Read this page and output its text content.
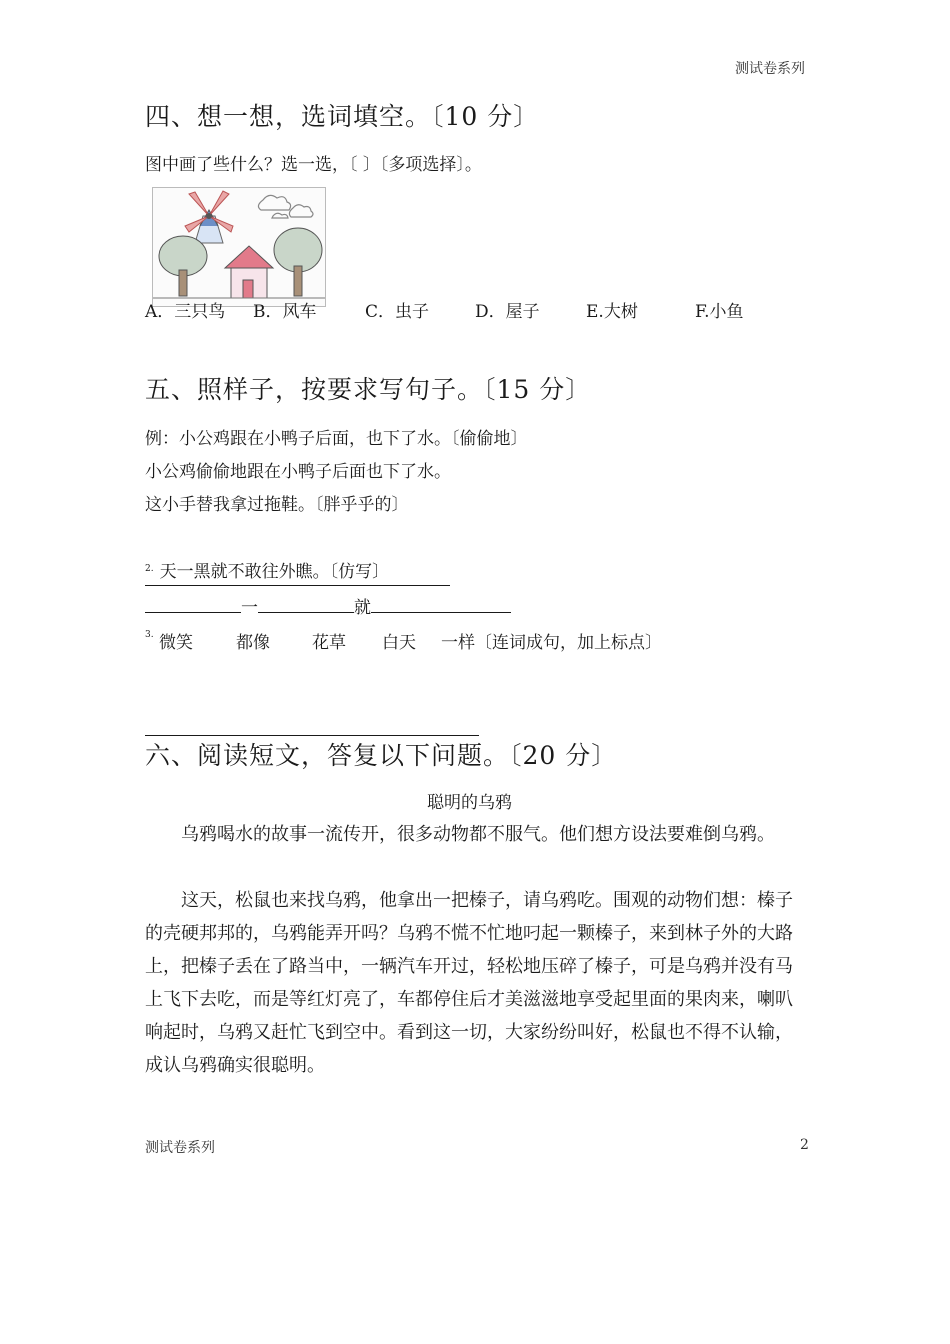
测试卷系列
四、想一想，选词填空。〔10 分〕
图中画了些什么？选一选，〔 〕〔多项选择〕。
A．三只鸟 B．风车	C．虫子	D．屋子	E.大树	F.小鱼
五、照样子，按要求写句子。〔15 分〕
例：小公鸡跟在小鸭子后面，也下了水。〔偷偷地〕
小公鸡偷偷地跟在小鸭子后面也下了水。
这小手替我拿过拖鞋。〔胖乎乎的〕
$^{2.}$ 天一黑就不敢往外瞧。〔仿写〕
一	就
$^{3.}$ 微笑	都像 花草 白天 一样〔连词成句，加上标点〕
六、阅读短文，答复以下问题。〔20 分〕
聪明的乌鸦
乌鸦喝水的故事一流传开，很多动物都不服气。他们想方设法要难倒乌鸦。
这天，松鼠也来找乌鸦，他拿出一把榛子，请乌鸦吃。围观的动物们想：榛子的壳硬邦邦的，乌鸦能弄开吗？乌鸦不慌不忙地叼起一颗榛子，来到林子外的大路上，把榛子丢在了路当中，一辆汽车开过，轻松地压碎了榛子，可是乌鸦并没有马上飞下去吃，而是等红灯亮了，车都停住后才美滋滋地享受起里面的果肉来，喇叭响起时，乌鸦又赶忙飞到空中。看到这一切，大家纷纷叫好，松鼠也不得不认输，成认乌鸦确实很聪明。
测试卷系列	2
